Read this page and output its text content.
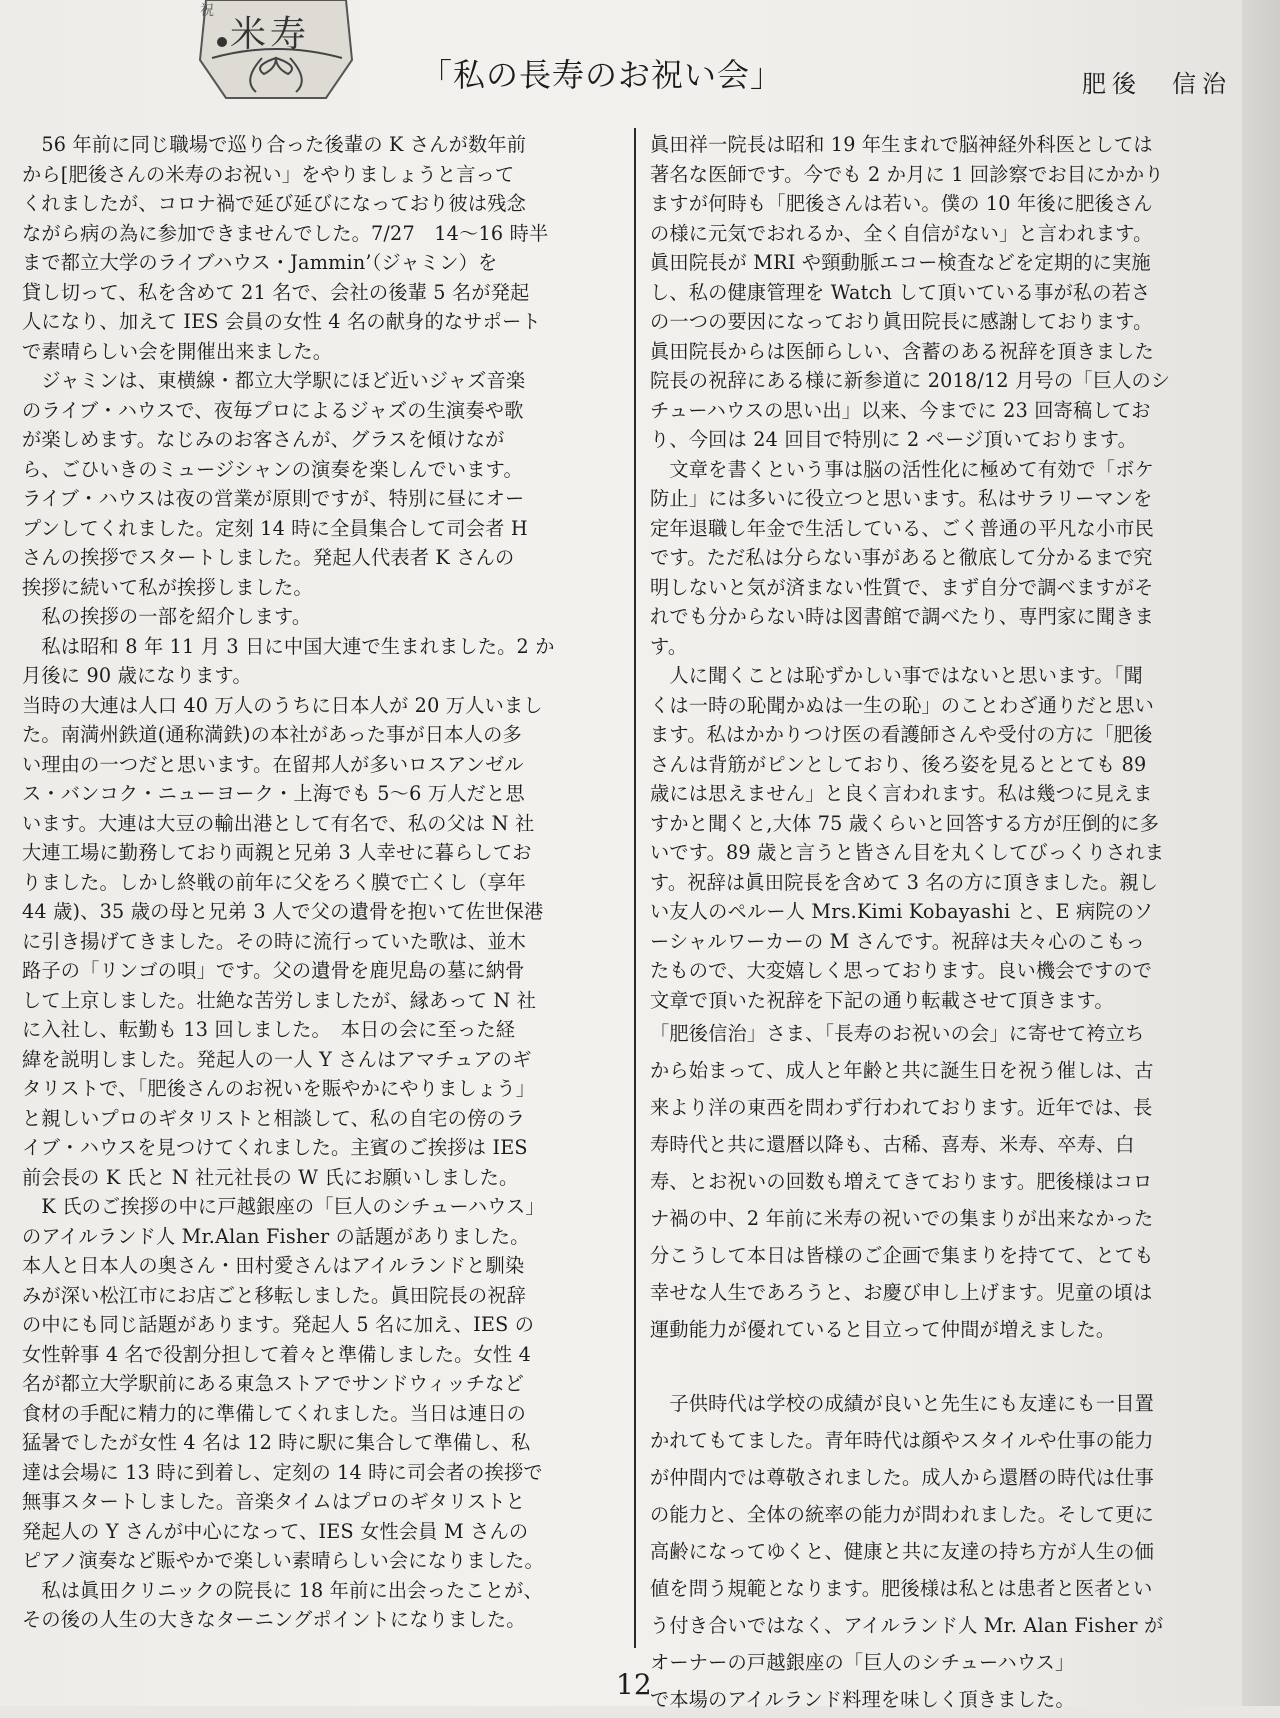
祝
米寿
「私の長寿のお祝い会」	肥後　信治

　56 年前に同じ職場で巡り合った後輩の K さんが数年前

から[肥後さんの米寿のお祝い」をやりましょうと言って

くれましたが、コロナ禍で延び延びになっており彼は残念

ながら病の為に参加できませんでした。7/27　14～16 時半

まで都立大学のライブハウス・Jammin’（ジャミン）を

貸し切って、私を含めて 21 名で、会社の後輩 5 名が発起

人になり、加えて IES 会員の女性 4 名の献身的なサポート

で素晴らしい会を開催出来ました。

　ジャミンは、東横線・都立大学駅にほど近いジャズ音楽

のライブ・ハウスで、夜毎プロによるジャズの生演奏や歌

が楽しめます。なじみのお客さんが、グラスを傾けなが

ら、ごひいきのミュージシャンの演奏を楽しんでいます。

ライブ・ハウスは夜の営業が原則ですが、特別に昼にオー

プンしてくれました。定刻 14 時に全員集合して司会者 H

さんの挨拶でスタートしました。発起人代表者 K さんの

挨拶に続いて私が挨拶しました。

　私の挨拶の一部を紹介します。

　私は昭和 8 年 11 月 3 日に中国大連で生まれました。2 か

月後に 90 歳になります。

当時の大連は人口 40 万人のうちに日本人が 20 万人いまし

た。南満州鉄道(通称満鉄)の本社があった事が日本人の多

い理由の一つだと思います。在留邦人が多いロスアンゼル

ス・バンコク・ニューヨーク・上海でも 5～6 万人だと思

います。大連は大豆の輸出港として有名で、私の父は N 社

大連工場に勤務しており両親と兄弟 3 人幸せに暮らしてお

りました。しかし終戦の前年に父をろく膜で亡くし（享年

44 歳)、35 歳の母と兄弟 3 人で父の遺骨を抱いて佐世保港

に引き揚げてきました。その時に流行っていた歌は、並木

路子の「リンゴの唄」です。父の遺骨を鹿児島の墓に納骨

して上京しました。壮絶な苦労しましたが、縁あって N 社

に入社し、転勤も 13 回しました。　本日の会に至った経

緯を説明しました。発起人の一人 Y さんはアマチュアのギ

タリストで、「肥後さんのお祝いを賑やかにやりましょう」

と親しいプロのギタリストと相談して、私の自宅の傍のラ

イブ・ハウスを見つけてくれました。主賓のご挨拶は IES

前会長の K 氏と N 社元社長の W 氏にお願いしました。

　K 氏のご挨拶の中に戸越銀座の「巨人のシチューハウス」

のアイルランド人 Mr.Alan Fisher の話題がありました。

本人と日本人の奥さん・田村愛さんはアイルランドと馴染

みが深い松江市にお店ごと移転しました。眞田院長の祝辞

の中にも同じ話題があります。発起人 5 名に加え、IES の

女性幹事 4 名で役割分担して着々と準備しました。女性 4

名が都立大学駅前にある東急ストアでサンドウィッチなど

食材の手配に精力的に準備してくれました。当日は連日の

猛暑でしたが女性 4 名は 12 時に駅に集合して準備し、私

達は会場に 13 時に到着し、定刻の 14 時に司会者の挨拶で

無事スタートしました。音楽タイムはプロのギタリストと

発起人の Y さんが中心になって、IES 女性会員 M さんの

ピアノ演奏など賑やかで楽しい素晴らしい会になりました。

　私は眞田クリニックの院長に 18 年前に出会ったことが、

その後の人生の大きなターニングポイントになりました。

眞田祥一院長は昭和 19 年生まれで脳神経外科医としては

著名な医師です。今でも 2 か月に 1 回診察でお目にかかり

ますが何時も「肥後さんは若い。僕の 10 年後に肥後さん

の様に元気でおれるか、全く自信がない」と言われます。

眞田院長が MRI や頸動脈エコー検査などを定期的に実施

し、私の健康管理を Watch して頂いている事が私の若さ

の一つの要因になっており眞田院長に感謝しております。

眞田院長からは医師らしい、含蓄のある祝辞を頂きました

院長の祝辞にある様に新参道に 2018/12 月号の「巨人のシ

チューハウスの思い出」以来、今までに 23 回寄稿してお

り、今回は 24 回目で特別に 2 ページ頂いております。

　文章を書くという事は脳の活性化に極めて有効で「ボケ

防止」には多いに役立つと思います。私はサラリーマンを

定年退職し年金で生活している、ごく普通の平凡な小市民

です。ただ私は分らない事があると徹底して分かるまで究

明しないと気が済まない性質で、まず自分で調べますがそ

れでも分からない時は図書館で調べたり、専門家に聞きま

す。

　人に聞くことは恥ずかしい事ではないと思います。「聞

くは一時の恥聞かぬは一生の恥」のことわざ通りだと思い

ます。私はかかりつけ医の看護師さんや受付の方に「肥後

さんは背筋がピンとしており、後ろ姿を見るととても 89

歳には思えません」と良く言われます。私は幾つに見えま

すかと聞くと,大体 75 歳くらいと回答する方が圧倒的に多

いです。89 歳と言うと皆さん目を丸くしてびっくりされま

す。祝辞は眞田院長を含めて 3 名の方に頂きました。親し

い友人のペルー人 Mrs.Kimi Kobayashi と、E 病院のソ

ーシャルワーカーの M さんです。祝辞は夫々心のこもっ

たもので、大変嬉しく思っております。良い機会ですので

文章で頂いた祝辞を下記の通り転載させて頂きます。

「肥後信治」さま、「長寿のお祝いの会」に寄せて袴立ち

から始まって、成人と年齢と共に誕生日を祝う催しは、古

来より洋の東西を問わず行われております。近年では、長

寿時代と共に還暦以降も、古稀、喜寿、米寿、卒寿、白

寿、とお祝いの回数も増えてきております。肥後様はコロ

ナ禍の中、2 年前に米寿の祝いでの集まりが出来なかった

分こうして本日は皆様のご企画で集まりを持てて、とても

幸せな人生であろうと、お慶び申し上げます。児童の頃は

運動能力が優れていると目立って仲間が増えました。

　子供時代は学校の成績が良いと先生にも友達にも一目置

かれてもてました。青年時代は顔やスタイルや仕事の能力

が仲間内では尊敬されました。成人から還暦の時代は仕事

の能力と、全体の統率の能力が問われました。そして更に

高齢になってゆくと、健康と共に友達の持ち方が人生の価

値を問う規範となります。肥後様は私とは患者と医者とい

う付き合いではなく、アイルランド人 Mr. Alan Fisher が

オーナーの戸越銀座の「巨人のシチューハウス」

で本場のアイルランド料理を味しく頂きました。

12
